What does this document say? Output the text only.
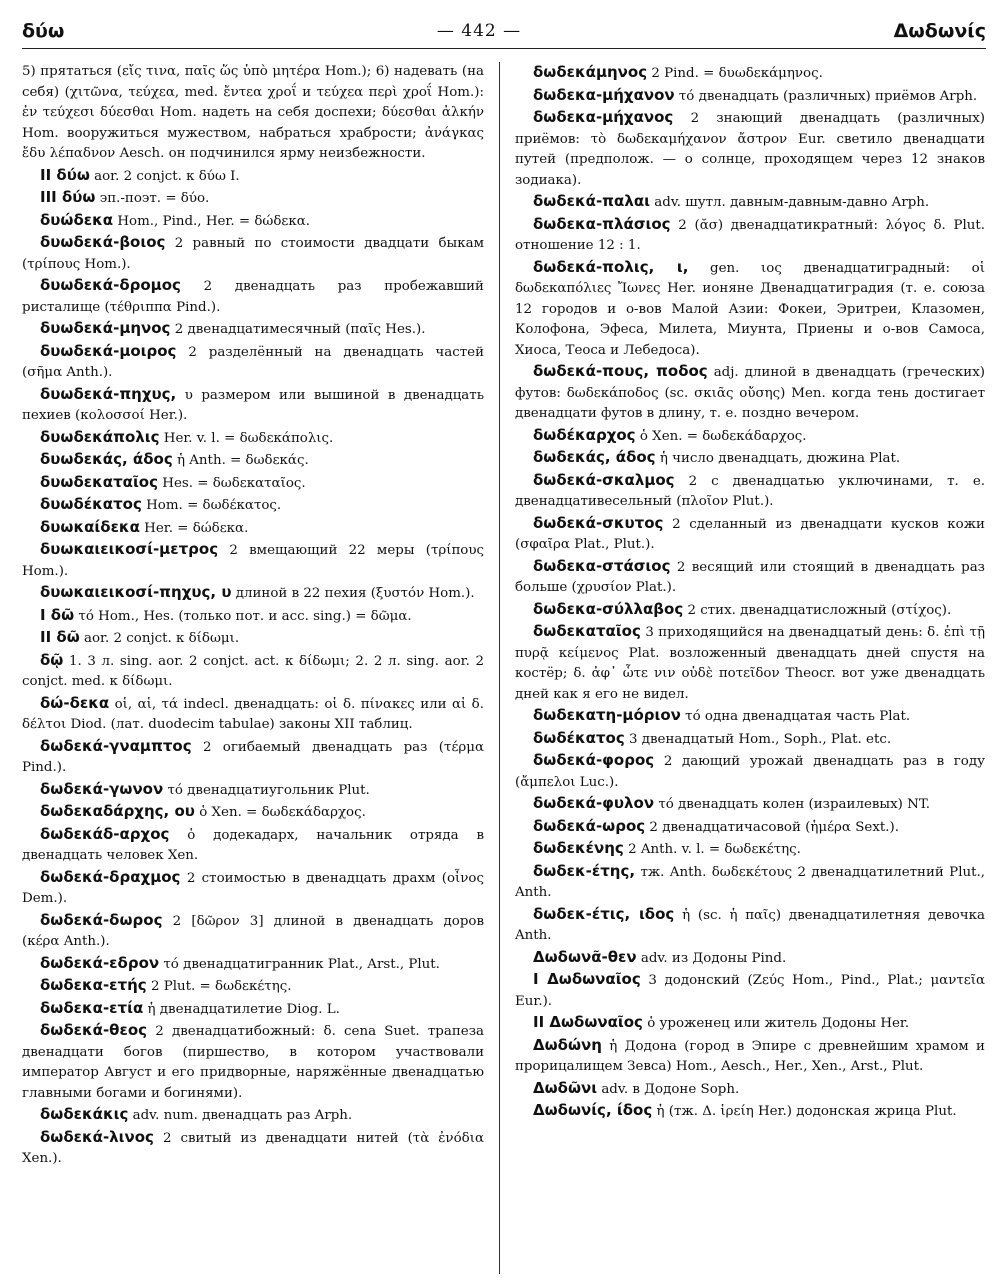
δύω	— 442 —	Δωδωνίς

5) прятаться (εἴς τινα, παῖς ὥς ὑπὸ μητέρα Hom.); 6) надевать (на себя) (χιτῶνα, τεύχεα, med. ἔντεα χροΐ и τεύχεα περὶ χροΐ Hom.): ἐν τεύχεσι δύεσθαι Hom. надеть на себя доспехи; δύεσθαι ἀλκήν Hom. вооружиться мужеством, набраться храбрости; ἀνάγκας ἔδυ λέπαδνον Aesch. он подчинился ярму неизбежности.

II δύω aor. 2 conjct. к δύω I.

III δύω эп.-поэт. = δύο.

δυώδεκα Hom., Pind., Her. = δώδεκα.

δυωδεκά-βοιος 2 равный по стоимости двадцати быкам (τρίπους Hom.).

δυωδεκά-δρομος 2 двенадцать раз пробежавший ристалище (τέθριππα Pind.).

δυωδεκά-μηνος 2 двенадцатимесячный (παῖς Hes.).

δυωδεκά-μοιρος 2 разделённый на двенадцать частей (σῆμα Anth.).

δυωδεκά-πηχυς, υ размером или вышиной в двенадцать пехиев (κολοσσοί Her.).

δυωδεκάπολις Her. v. l. = δωδεκάπολις.

δυωδεκάς, άδος ἡ Anth. = δωδεκάς.

δυωδεκαταῖος Hes. = δωδεκαταῖος.

δυωδέκατος Hom. = δωδέκατος.

δυωκαίδεκα Her. = δώδεκα.

δυωκαιεικοσί-μετρος 2 вмещающий 22 меры (τρίπους Hom.).

δυωκαιεικοσί-πηχυς, υ длиной в 22 пехия (ξυστόν Hom.).

I δῶ τό Hom., Hes. (только пот. и acc. sing.) = δῶμα.

II δῶ aor. 2 conjct. к δίδωμι.

δῷ 1. 3 л. sing. aor. 2 conjct. act. к δίδωμι; 2. 2 л. sing. aor. 2 conjct. med. к δίδωμι.

δώ-δεκα οἱ, αἱ, τά indecl. двенадцать: οἱ δ. πίνακες или αἱ δ. δέλτοι Diod. (лат. duodecim tabulae) законы XII таблиц.

δωδεκά-γναμπτος 2 огибаемый двенадцать раз (τέρμα Pind.).

δωδεκά-γωνον τό двенадцатиугольник Plut.

δωδεκαδάρχης, ου ὁ Xen. = δωδεκάδαρχος.

δωδεκάδ-αρχος ὁ додекадарх, начальник отряда в двенадцать человек Xen.

δωδεκά-δραχμος 2 стоимостью в двенадцать драхм (οἶνος Dem.).

δωδεκά-δωρος 2 [δῶρον 3] длиной в двенадцать доров (κέρα Anth.).

δωδεκά-εδρον τό двенадцатигранник Plat., Arst., Plut.

δωδεκα-ετής 2 Plut. = δωδεκέτης.

δωδεκα-ετία ἡ двенадцатилетие Diog. L.

δωδεκά-θεος 2 двенадцатибожный: δ. cena Suet. трапеза двенадцати богов (пиршество, в котором участвовали император Август и его придворные, наряжённые двенадцатью главными богами и богинями).

δωδεκάκις adv. num. двенадцать раз Arph.

δωδεκά-λινος 2 свитый из двенадцати нитей (τὰ ἐνόδια Xen.).

δωδεκάμηνος 2 Pind. = δυωδεκάμηνος.

δωδεκα-μήχανον τό двенадцать (различных) приёмов Arph.

δωδεκα-μήχανος 2 знающий двенадцать (различных) приёмов: τὸ δωδεκαμήχανον ἄστρον Eur. светило двенадцати путей (предполож. — о солнце, проходящем через 12 знаков зодиака).

δωδεκά-παλαι adv. шутл. давным-давным-давно Arph.

δωδεκα-πλάσιος 2 (ᾰσ) двенадцатикратный: λόγος δ. Plut. отношение 12 : 1.

δωδεκά-πολις, ι, gen. ιος двенадцатиградный: οἱ δωδεκαπόλιες Ἴωνες Her. ионяне Двенадцатиградия (т. е. союза 12 городов и о-вов Малой Азии: Фокеи, Эритреи, Клазомен, Колофона, Эфеса, Милета, Миунта, Приены и о-вов Самоса, Хиоса, Теоса и Лебедоса).

δωδεκά-πους, ποδος adj. длиной в двенадцать (греческих) футов: δωδεκάποδος (sc. σκιᾶς οὔσης) Men. когда тень достигает двенадцати футов в длину, т. е. поздно вечером.

δωδέκαρχος ὁ Xen. = δωδεκάδαρχος.

δωδεκάς, άδος ἡ число двенадцать, дюжина Plat.

δωδεκά-σκαλμος 2 с двенадцатью уключинами, т. е. двенадцативесельный (πλοῖον Plut.).

δωδεκά-σκυτος 2 сделанный из двенадцати кусков кожи (σφαῖρα Plat., Plut.).

δωδεκα-στάσιος 2 весящий или стоящий в двенадцать раз больше (χρυσίον Plat.).

δωδεκα-σύλλαβος 2 стих. двенадцатисложный (στίχος).

δωδεκαταῖος 3 приходящийся на двенадцатый день: δ. ἐπὶ τῇ πυρᾷ κείμενος Plat. возложенный двенадцать дней спустя на костёр; δ. ἀφ᾽ ὧτε νιν οὐδὲ ποτεῖδον Theocr. вот уже двенадцать дней как я его не видел.

δωδεκατη-μόριον τό одна двенадцатая часть Plat.

δωδέκατος 3 двенадцатый Hom., Soph., Plat. etc.

δωδεκά-φορος 2 дающий урожай двенадцать раз в году (ἄμπελοι Luc.).

δωδεκά-φυλον τό двенадцать колен (израилевых) NT.

δωδεκά-ωρος 2 двенадцатичасовой (ἡμέρα Sext.).

δωδεκένης 2 Anth. v. l. = δωδεκέτης.

δωδεκ-έτης, тж. Anth. δωδεκέτους 2 двенадцатилетний Plut., Anth.

δωδεκ-έτις, ιδος ἡ (sc. ἡ παῖς) двенадцатилетняя девочка Anth.

Δωδωνᾶ-θεν adv. из Додоны Pind.

I Δωδωναῖος 3 додонский (Ζεύς Hom., Pind., Plat.; μαντεῖα Eur.).

II Δωδωναῖος ὁ уроженец или житель Додоны Her.

Δωδώνη ἡ Додона (город в Эпире с древнейшим храмом и прорицалищем Зевса) Hom., Aesch., Her., Xen., Arst., Plut.

Δωδῶνι adv. в Додоне Soph.

Δωδωνίς, ίδος ἡ (тж. Δ. ἱρείη Her.) додонская жрица Plut.
